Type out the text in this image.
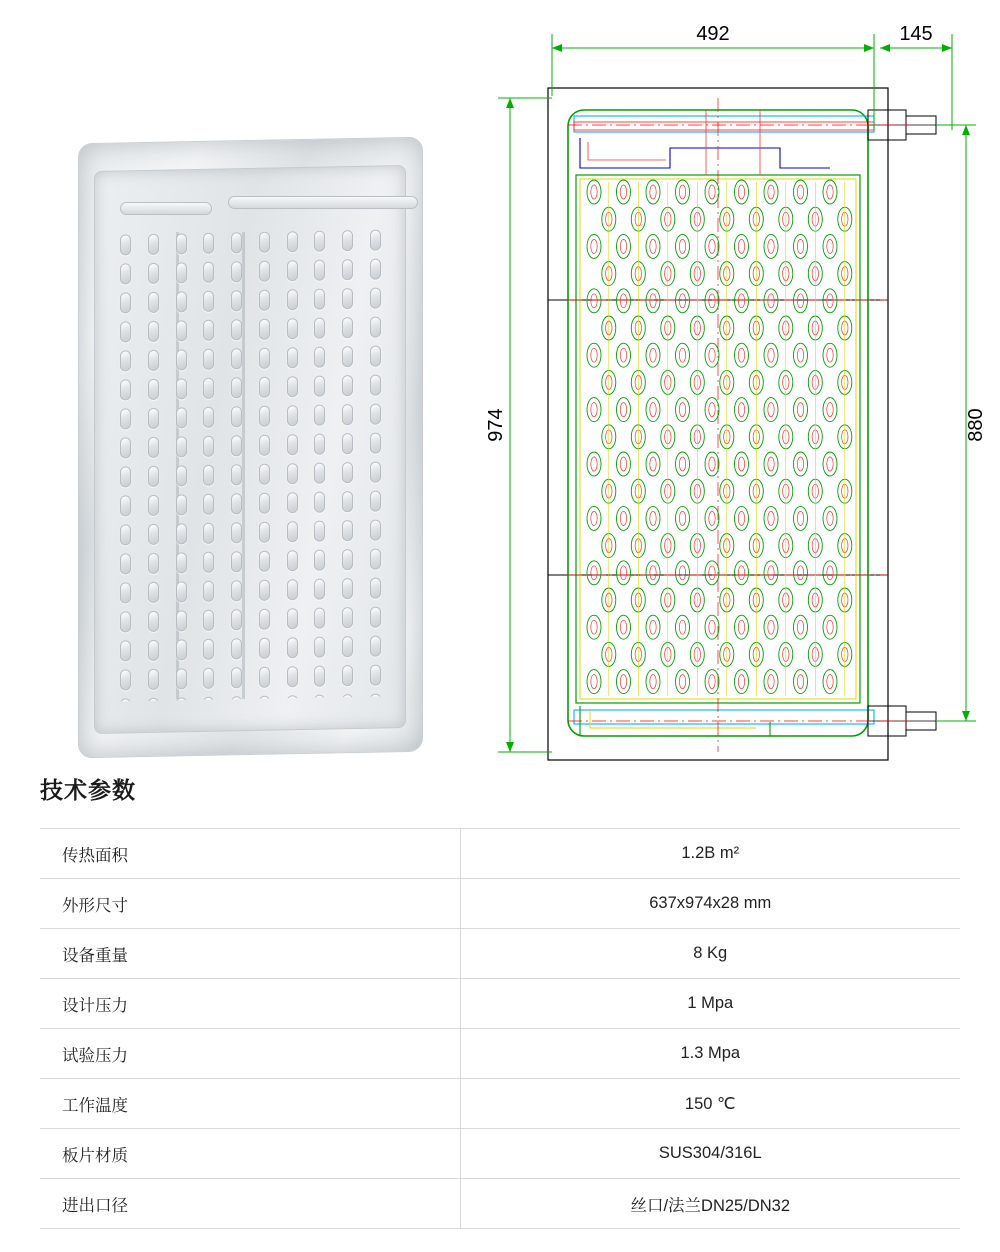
492	145
974	880
技术参数
传热面积	1.2B m²
外形尺寸	637x974x28 mm
设备重量	8 Kg
设计压力	1 Mpa
试验压力	1.3 Mpa
工作温度	150 ℃
板片材质	SUS304/316L
进出口径	丝口/法兰DN25/DN32
